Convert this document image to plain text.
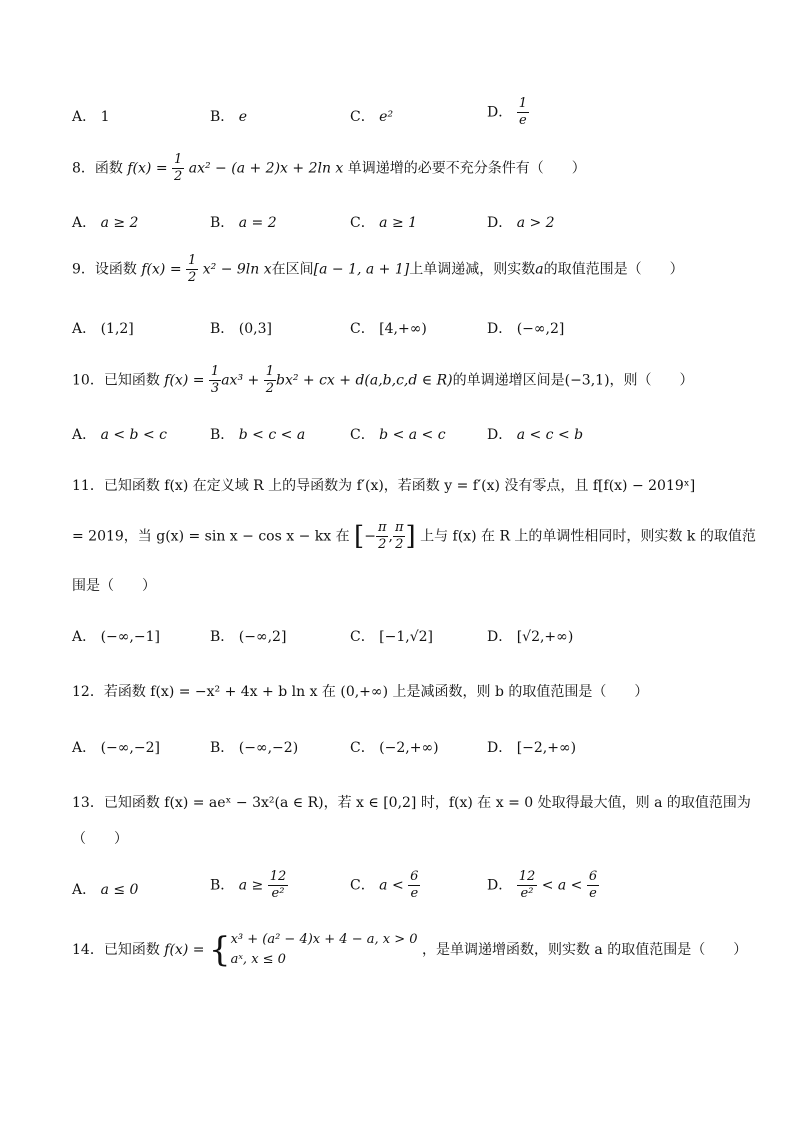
A． 1	B． e	C． e²	D． $\frac{1}{e}$
8．函数 $f(x) = \frac{1}{2} ax^2 - (a + 2)x + 2\ln$ x 单调递增的必要不充分条件有（　　）
A． a ≥ 2	B． a = 2	C． a ≥ 1	D． a > 2
9．设函数 $f(x) = \frac{1}{2} x^2 - 9\ln$ x在区间[a − 1, a + 1]上单调递减，则实数a的取值范围是（　　）
A． (1,2]	B． (0,3]	C． [4,+∞)	D． (−∞,2]
10．已知函数 $f(x) = \frac{1}{3} ax^3 + \frac{1}{2} bx^2$ + cx + d(a,b,c,d ∈ R)的单调递增区间是(−3,1)，则（　　）
A． a < b < c	B． b < c < a	C． b < a < c	D． a < c < b
11．已知函数 f(x) 在定义域 R 上的导函数为 f′(x)，若函数 y = f′(x) 没有零点，且 f[f(x) − 2019ˣ]
= 2019，当 g(x) = sin x − cos x − kx 在 [− $\frac{\pi}{2}$ , $\frac{\pi}{2}$ ] 上与 f(x) 在 R 上的单调性相同时，则实数 k 的取值范
围是（　　）
A． (−∞,−1]	B． (−∞,2]	C． [−1,√2]	D． [√2,+∞)
12．若函数 f(x) = −x² + 4x + b ln x 在 (0,+∞) 上是减函数，则 b 的取值范围是（　　）
A． (−∞,−2]	B． (−∞,−2)	C． (−2,+∞)	D． [−2,+∞)
13．已知函数 f(x) = aeˣ − 3x²(a ∈ R)，若 x ∈ [0,2] 时，f(x) 在 x = 0 处取得最大值，则 a 的取值范围为
（　　）
A． a ≤ 0	B． $a \ge \frac{12}{\text{e²}}$	C． $a < \frac{6}{e}$	D． $\frac{12}{\text{e²}} < a < \frac{6}{e}$
14．已知函数 f(x) = { x³ + (a² − 4)x + 4 − a, x > 0
aˣ, x ≤ 0
，是单调递增函数，则实数 a 的取值范围是（　　）
